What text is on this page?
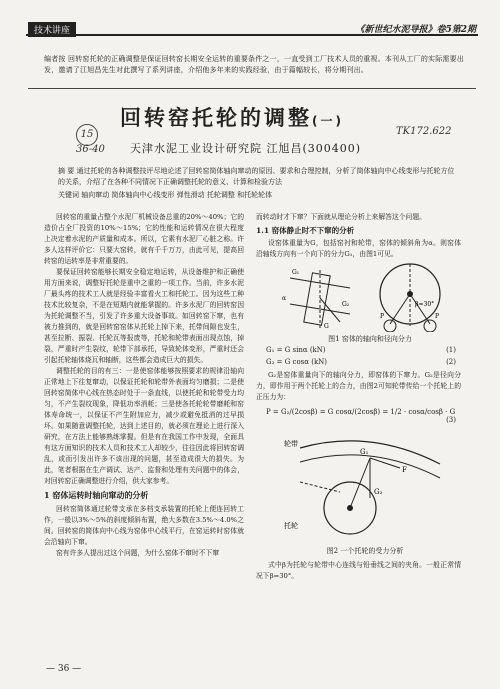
技术讲座	《新世纪水泥导报》卷5第2期
编者按 回转窑托轮的正确调整是保证回转窑长期安全运转的重要条件之一，一直受到工厂技术人员的重视。本刊从工厂的实际需要出发，邀请了江旭昌先生对此撰写了系列讲座，介绍他多年来的实践经验，由于篇幅较长，将分期刊出。
回转窑托轮的调整(一)
15
36-40
TK172.622
天津水泥工业设计研究院 江旭昌(300400)
摘 要 通过托轮的各种调整技评尽地论述了回转窑简体轴向窜动的原因、要求和合理控制，分析了筒体轴向中心线变形与托轮方位的关系，介绍了在各种不同情况下正确调整托轮的意义、计算和检验方法
关键词 轴向窜动 简体轴向中心线变形 弹性滑动 托轮调整 和托轮轮体

回转窑的重量占整个水泥厂机械设备总重的20%～40%；它的造价占全厂投资的10%～15%；它的性能和运转情况在很大程度上决定着水泥的产质量和成本。所以，它素有水泥厂心脏之称。许多人这样评价它：只要大窑转，就有千千万万，由此可见，提高回转窑的运转率是非常重要的。

要保证回转窑能够长期安全稳定地运转，从设备维护和正确使用方面来说，调整好托轮是重中之重的一项工作。当前，许多水泥厂最头疼的技术工人就是经验丰富看火工和托轮工。因为这些工种技术比较复杂，不是在短期内就能掌握的。许多水泥厂的回转窑因为托轮调整不当，引发了许多重大设备事故。如回转窑下窜，也有被力推到的，就是回转窑窑体从托轮上掉下来，托带间隙也发生，甚至拉断、振裂、托轮瓦等报废等，托轮和轮带表面出现点蚀，掉裂，严重时产生裂纹，轮带下部承托，导致轮体变形，严重时还会引起托轮轴体烧瓦和轴断，这些都会造成巨大的损失。

调整托轮的目的有三：一是使窑体能够按照要求的规律沿轴向正常地上下往复窜动，以保证托轮和轮带外表面均匀磨损；二是使回转窑简体中心线在热态时处于一条直线，以使托轮和轮带受力均匀，不产生裂纹现象，降低功率消耗；三是使各托轮轮带磨耗和窑体寿命统一，以保证不产生附加应力，减少或避免抵消的过早损坏。如果随意调整托轮，达到上述目的，就必须在理论上进行深入研究，在方法上能够熟练掌握。但是有在我国工作中发现，全面具有这方面知识的技术人员和技术工人却较少，往往因此将回转窑调乱，或而引发出许多不该出现的问题，甚至造成很大的损失。为此，笔者根据在生产调试、达产、监督和处理有关问题中的体会，对回转窑正确调整进行介绍，供大家参考。

1 窑体运转时轴向窜动的分析

回转窑简体通过轮带支承在多档支承装置的托轮上便连回转工作，一般以3%～5%的斜度倾斜布置，绝大多数在3.5%～4.0%之间。回转窑的简体向中心线为窑体中心线平行，在窑运转时窑体就会沿轴向下窜。

窑有许多人提出过这个问题，为什么窑体不窜时不下窜

而转动时才下窜？下面就从理论分析上来解答这个问题。

1.1 窑体静止时不下窜的分析

设窑体重量为G，包括窑衬和轮带，窑体的倾斜角为α。则窑体沿轴线方向有一个向下的分力G₁，由图1可见。

G₁
G
G₂
α
P	P
β=30°
图1 窑体的轴向和径向分力
G₁ = G sinα (kN)	(1)
G₂ = G cosα (kN)	(2)

G₂是窑体重量向下的轴向分力，即窑体的下窜力。G₂是径向分力，即作用于两个托轮上的合力，由图2可知轮带传给一个托轮上的正压力为：

P = G₂/(2cosβ) = G cosα/(2cosβ) = 1/2 · cosα/cosβ · G
(3)
轮带
G₁
G₂
F
托轮
图2 一个托轮的受力分析

式中β为托轮与轮带中心连线与铅垂线之间的夹角。一般正常情况下β=30°。

— 36 —
